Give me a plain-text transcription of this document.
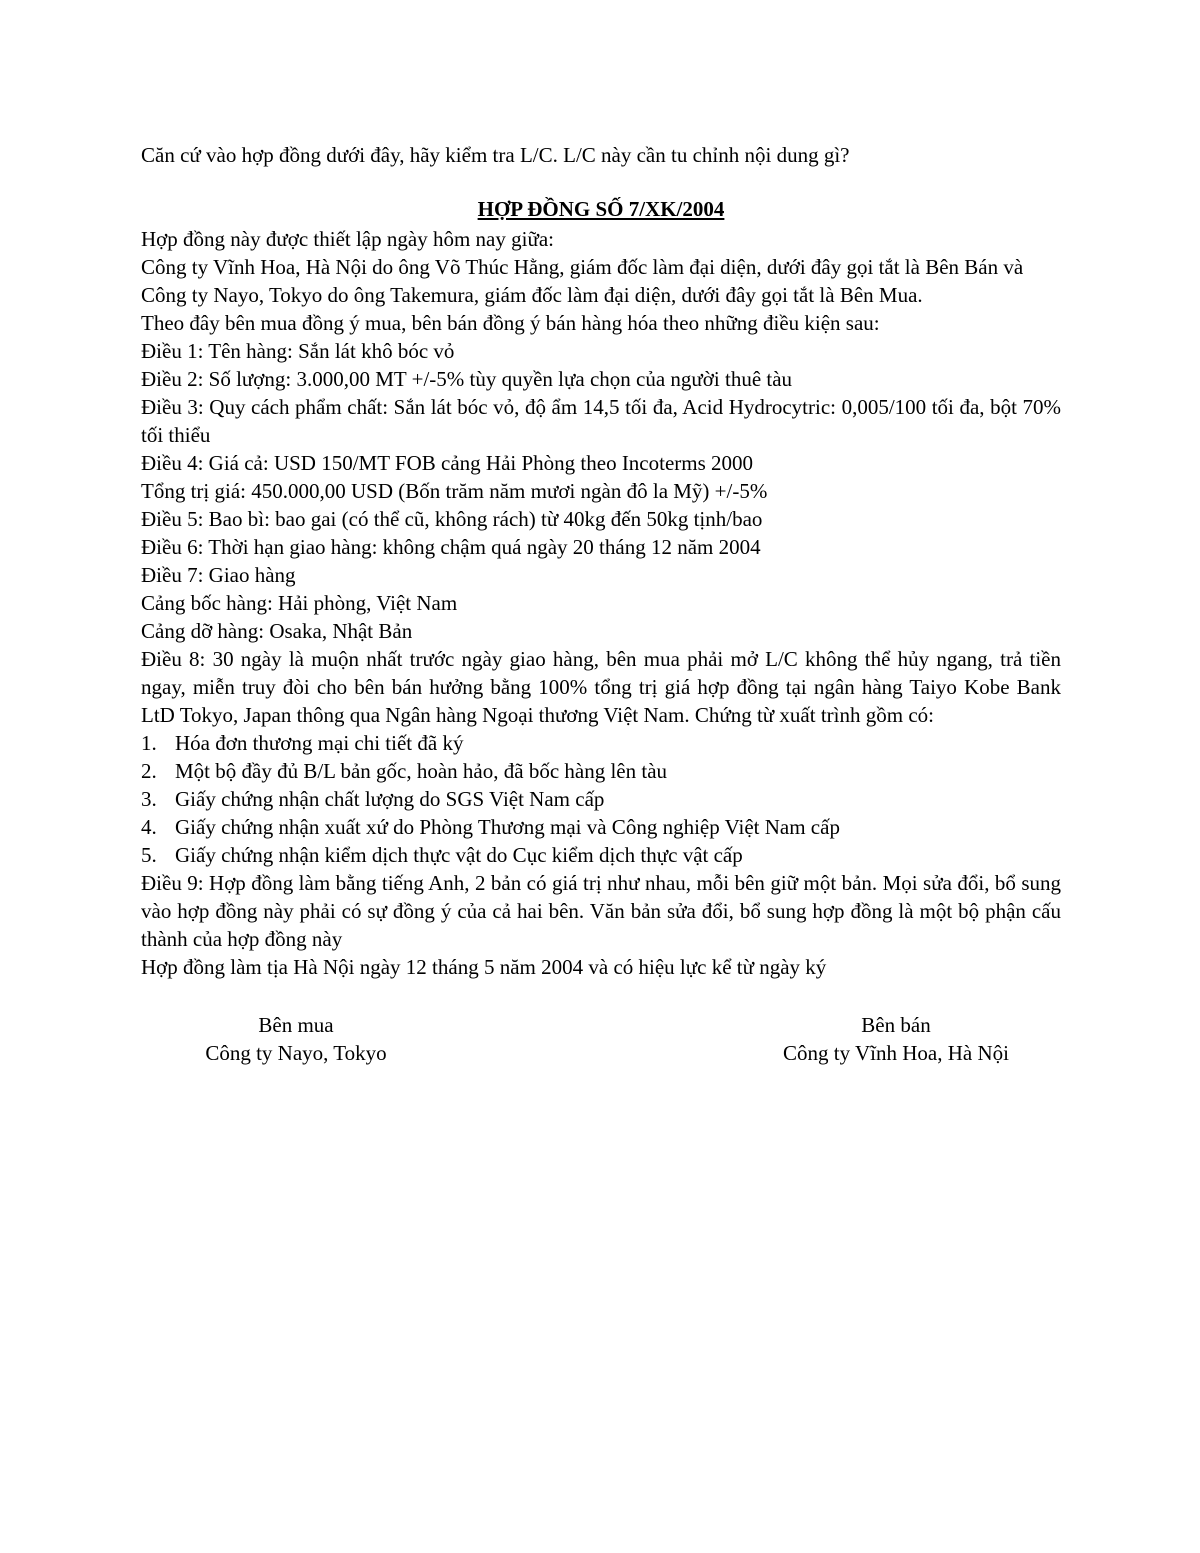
Căn cứ vào hợp đồng dưới đây, hãy kiểm tra L/C. L/C này cần tu chỉnh nội dung gì?

HỢP ĐỒNG SỐ 7/XK/2004

Hợp đồng này được thiết lập ngày hôm nay giữa:

Công ty Vĩnh Hoa, Hà Nội do ông Võ Thúc Hằng, giám đốc làm đại diện, dưới đây gọi tắt là Bên Bán và

Công ty Nayo, Tokyo do ông Takemura, giám đốc làm đại diện, dưới đây gọi tắt là Bên Mua.

Theo đây bên mua đồng ý mua, bên bán đồng ý bán hàng hóa theo những điều kiện sau:

Điều 1: Tên hàng: Sắn lát khô bóc vỏ

Điều 2: Số lượng: 3.000,00 MT +/-5% tùy quyền lựa chọn của người thuê tàu

Điều 3: Quy cách phẩm chất: Sắn lát bóc vỏ, độ ẩm 14,5 tối đa, Acid Hydrocytric: 0,005/100 tối đa, bột 70% tối thiểu

Điều 4: Giá cả: USD 150/MT FOB cảng Hải Phòng theo Incoterms 2000

Tổng trị giá: 450.000,00 USD (Bốn trăm năm mươi ngàn đô la Mỹ) +/-5%

Điều 5: Bao bì: bao gai (có thể cũ, không rách) từ 40kg đến 50kg tịnh/bao

Điều 6: Thời hạn giao hàng: không chậm quá ngày 20 tháng 12 năm 2004

Điều 7: Giao hàng

Cảng bốc hàng: Hải phòng, Việt Nam

Cảng dỡ hàng: Osaka, Nhật Bản

Điều 8: 30 ngày là muộn nhất trước ngày giao hàng, bên mua phải mở L/C không thể hủy ngang, trả tiền ngay, miễn truy đòi cho bên bán hưởng bằng 100% tổng trị giá hợp đồng tại ngân hàng Taiyo Kobe Bank LtD Tokyo, Japan thông qua Ngân hàng Ngoại thương Việt Nam. Chứng từ xuất trình gồm có:

1. Hóa đơn thương mại chi tiết đã ký
2. Một bộ đầy đủ B/L bản gốc, hoàn hảo, đã bốc hàng lên tàu
3. Giấy chứng nhận chất lượng do SGS Việt Nam cấp
4. Giấy chứng nhận xuất xứ do Phòng Thương mại và Công nghiệp Việt Nam cấp
5. Giấy chứng nhận kiểm dịch thực vật do Cục kiểm dịch thực vật cấp

Điều 9: Hợp đồng làm bằng tiếng Anh, 2 bản có giá trị như nhau, mỗi bên giữ một bản. Mọi sửa đổi, bổ sung vào hợp đồng này phải có sự đồng ý của cả hai bên. Văn bản sửa đổi, bổ sung hợp đồng là một bộ phận cấu thành của hợp đồng này

Hợp đồng làm tịa Hà Nội ngày 12 tháng 5 năm 2004 và có hiệu lực kể từ ngày ký

Bên mua
Công ty Nayo, Tokyo
Bên bán
Công ty Vĩnh Hoa, Hà Nội
